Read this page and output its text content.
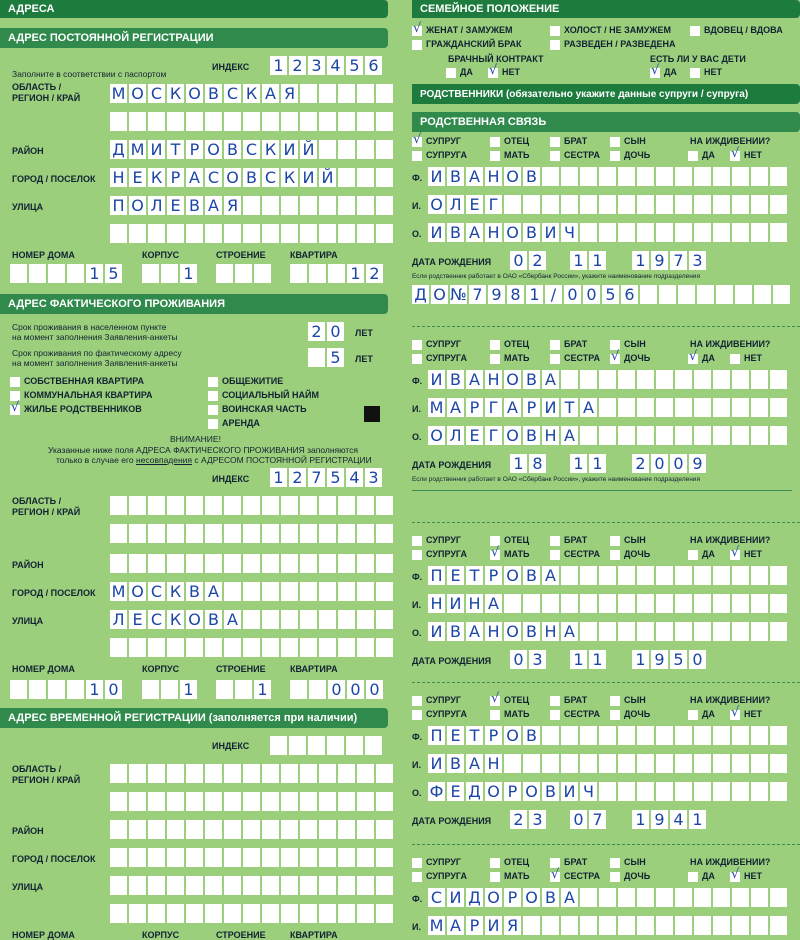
АДРЕСА
АДРЕС ПОСТОЯННОЙ РЕГИСТРАЦИИ
Заполните в соответствии с паспортом
ИНДЕКС 1 2 3 4 5 6
ОБЛАСТЬ /
РЕГИОН / КРАЙ М О С К О В С К А Я
РАЙОН	Д М И Т Р О В С К И Й
ГОРОД / ПОСЕЛОК Н Е К Р А С О В С К И Й
УЛИЦА	П О Л Е В А Я
НОМЕР ДОМА	КОРПУС	СТРОЕНИЕ	КВАРТИРА
1 5	1	1 2
АДРЕС ФАКТИЧЕСКОГО ПРОЖИВАНИЯ
Срок проживания в населенном пункте
на момент заполнения Заявления-анкеты	2 0	ЛЕТ
Срок проживания по фактическому адресу
на момент заполнения Заявления-анкеты	5	ЛЕТ
СОБСТВЕННАЯ КВАРТИРА
КОММУНАЛЬНАЯ КВАРТИРА
√ ЖИЛЬЕ РОДСТВЕННИКОВ
ОБЩЕЖИТИЕ
СОЦИАЛЬНЫЙ НАЙМ
ВОИНСКАЯ ЧАСТЬ
АРЕНДА
ВНИМАНИЕ!
Указанные ниже поля АДРЕСА ФАКТИЧЕСКОГО ПРОЖИВАНИЯ заполняются
только в случае его несовпадения с АДРЕСОМ ПОСТОЯННОЙ РЕГИСТРАЦИИ
ИНДЕКС 1 2 7 5 4 3
ОБЛАСТЬ /
РЕГИОН / КРАЙ
РАЙОН
ГОРОД / ПОСЕЛОК М О С К В А
УЛИЦА	Л Е С К О В А
НОМЕР ДОМА	КОРПУС	СТРОЕНИЕ	КВАРТИРА
1 0	1	1	0 0 0
АДРЕС ВРЕМЕННОЙ РЕГИСТРАЦИИ (заполняется при наличии)
ИНДЕКС
ОБЛАСТЬ /
РЕГИОН / КРАЙ
РАЙОН
ГОРОД / ПОСЕЛОК
УЛИЦА
НОМЕР ДОМА	КОРПУС	СТРОЕНИЕ	КВАРТИРА
СЕМЕЙНОЕ ПОЛОЖЕНИЕ
√ ЖЕНАТ / ЗАМУЖЕМ	ХОЛОСТ / НЕ ЗАМУЖЕМ	ВДОВЕЦ / ВДОВА
ГРАЖДАНСКИЙ БРАК	РАЗВЕДЕН / РАЗВЕДЕНА
БРАЧНЫЙ КОНТРАКТ	ЕСТЬ ЛИ У ВАС ДЕТИ
ДА √ НЕТ	√ ДА	НЕТ
РОДСТВЕННИКИ (обязательно укажите данные супруги / супруга)
РОДСТВЕННАЯ СВЯЗЬ
√ СУПРУГ
СУПРУГА
ОТЕЦ
МАТЬ
БРАТ
СЕСТРА
СЫН
ДОЧЬ
НА ИЖДИВЕНИИ?
ДА √ НЕТ
Ф. И В А Н О В
И. О Л Е Г
О. И В А Н О В И Ч
ДАТА РОЖДЕНИЯ 0 2 1 1 1 9 7 3
Если родственник работает в ОАО «Сбербанк России», укажите наименование подразделения
Д О № 7 9 8 1 / 0 0 5 6
СУПРУГ
СУПРУГА
ОТЕЦ
МАТЬ
БРАТ
СЕСТРА
СЫН
√ ДОЧЬ
НА ИЖДИВЕНИИ?
√ ДА	НЕТ
Ф. И В А Н О В А
И. М А Р Г А Р И Т А
О. О Л Е Г О В Н А
ДАТА РОЖДЕНИЯ 1 8 1 1 2 0 0 9
Если родственник работает в ОАО «Сбербанк России», укажите наименование подразделения
СУПРУГ
СУПРУГА
ОТЕЦ
√ МАТЬ
БРАТ
СЕСТРА
СЫН
ДОЧЬ
НА ИЖДИВЕНИИ?
ДА √ НЕТ
Ф. П Е Т Р О В А
И. Н И Н А
О. И В А Н О В Н А
ДАТА РОЖДЕНИЯ 0 3 1 1 1 9 5 0
СУПРУГ
СУПРУГА
√ ОТЕЦ
МАТЬ
БРАТ
СЕСТРА
СЫН
ДОЧЬ
НА ИЖДИВЕНИИ?
ДА √ НЕТ
Ф. П Е Т Р О В
И. И В А Н
О. Ф Е Д О Р О В И Ч
ДАТА РОЖДЕНИЯ 2 3 0 7 1 9 4 1
СУПРУГ
СУПРУГА
ОТЕЦ
МАТЬ
БРАТ
√ СЕСТРА
СЫН
ДОЧЬ
НА ИЖДИВЕНИИ?
ДА √ НЕТ
Ф. С И Д О Р О В А
И. М А Р И Я
